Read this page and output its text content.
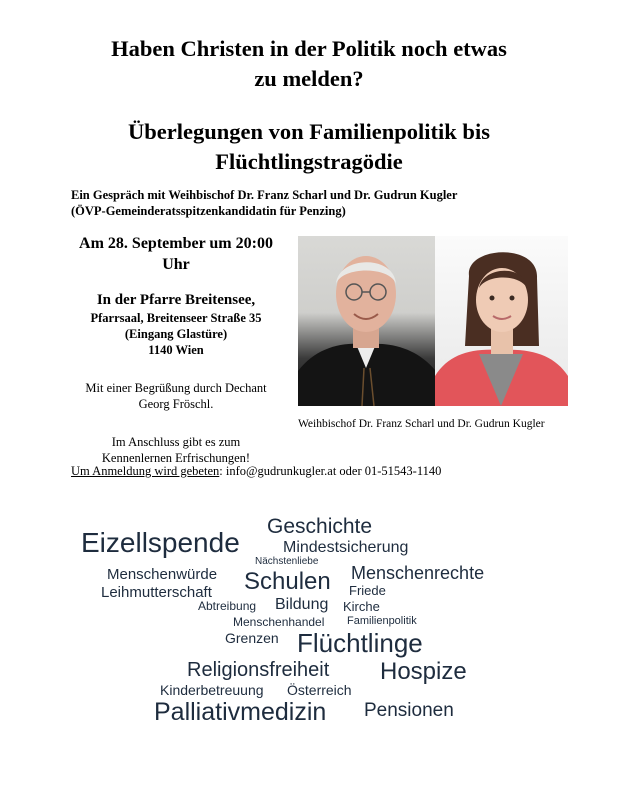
Haben Christen in der Politik noch etwas
zu melden?
Überlegungen von Familienpolitik bis
Flüchtlingstragödie
Ein Gespräch mit Weihbischof Dr. Franz Scharl und Dr. Gudrun Kugler
(ÖVP-Gemeinderatsspitzenkandidatin für Penzing)
Am 28. September um 20:00
Uhr
In der Pfarre Breitensee,
Pfarrsaal, Breitenseer Straße 35
(Eingang Glastüre)
1140 Wien
Mit einer Begrüßung durch Dechant
Georg Fröschl.
Im Anschluss gibt es zum
Kennenlernen Erfrischungen!
Weihbischof Dr. Franz Scharl und Dr. Gudrun Kugler
Um Anmeldung wird gebeten: info@gudrunkugler.at oder 01-51543-1140
Geschichte
Eizellspende	Mindestsicherung
Nächstenliebe
Menschenwürde Schulen Menschenrechte
Leihmutterschaft	Friede
Abtreibung Bildung Kirche
Menschenhandel Familienpolitik
Grenzen Flüchtlinge
Religionsfreiheit Hospize
Kinderbetreuung Österreich
Palliativmedizin Pensionen
